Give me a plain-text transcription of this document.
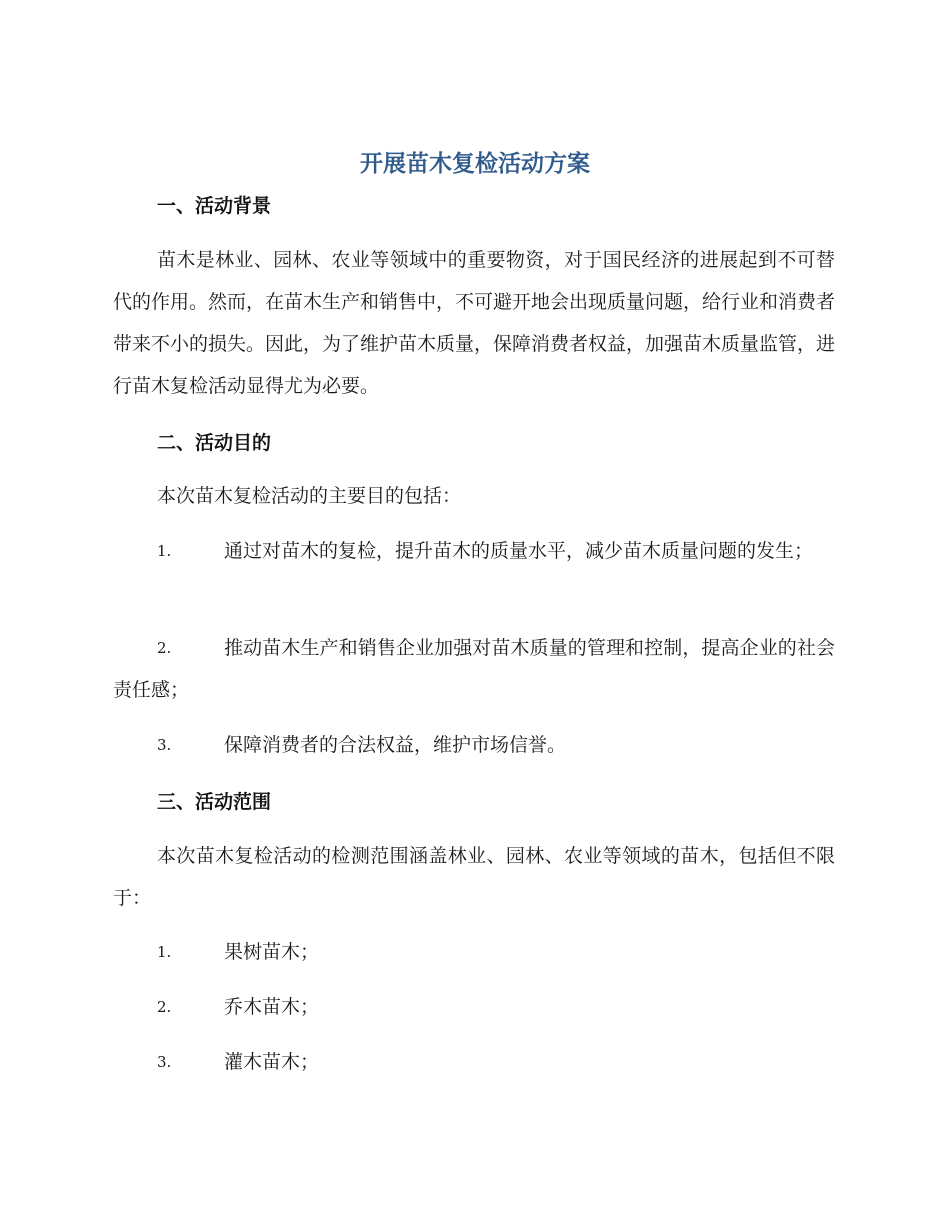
开展苗木复检活动方案
一、活动背景

苗木是林业、园林、农业等领域中的重要物资，对于国民经济的进展起到不可替代的作用。然而，在苗木生产和销售中，不可避开地会出现质量问题，给行业和消费者带来不小的损失。因此，为了维护苗木质量，保障消费者权益，加强苗木质量监管，进行苗木复检活动显得尤为必要。

二、活动目的

本次苗木复检活动的主要目的包括：

1.	通过对苗木的复检，提升苗木的质量水平，减少苗木质量问题的发生；

2.	推动苗木生产和销售企业加强对苗木质量的管理和控制，提高企业的社会责任感；

3.	保障消费者的合法权益，维护市场信誉。

三、活动范围

本次苗木复检活动的检测范围涵盖林业、园林、农业等领域的苗木，包括但不限于：

1.	果树苗木；

2.	乔木苗木；

3.	灌木苗木；
